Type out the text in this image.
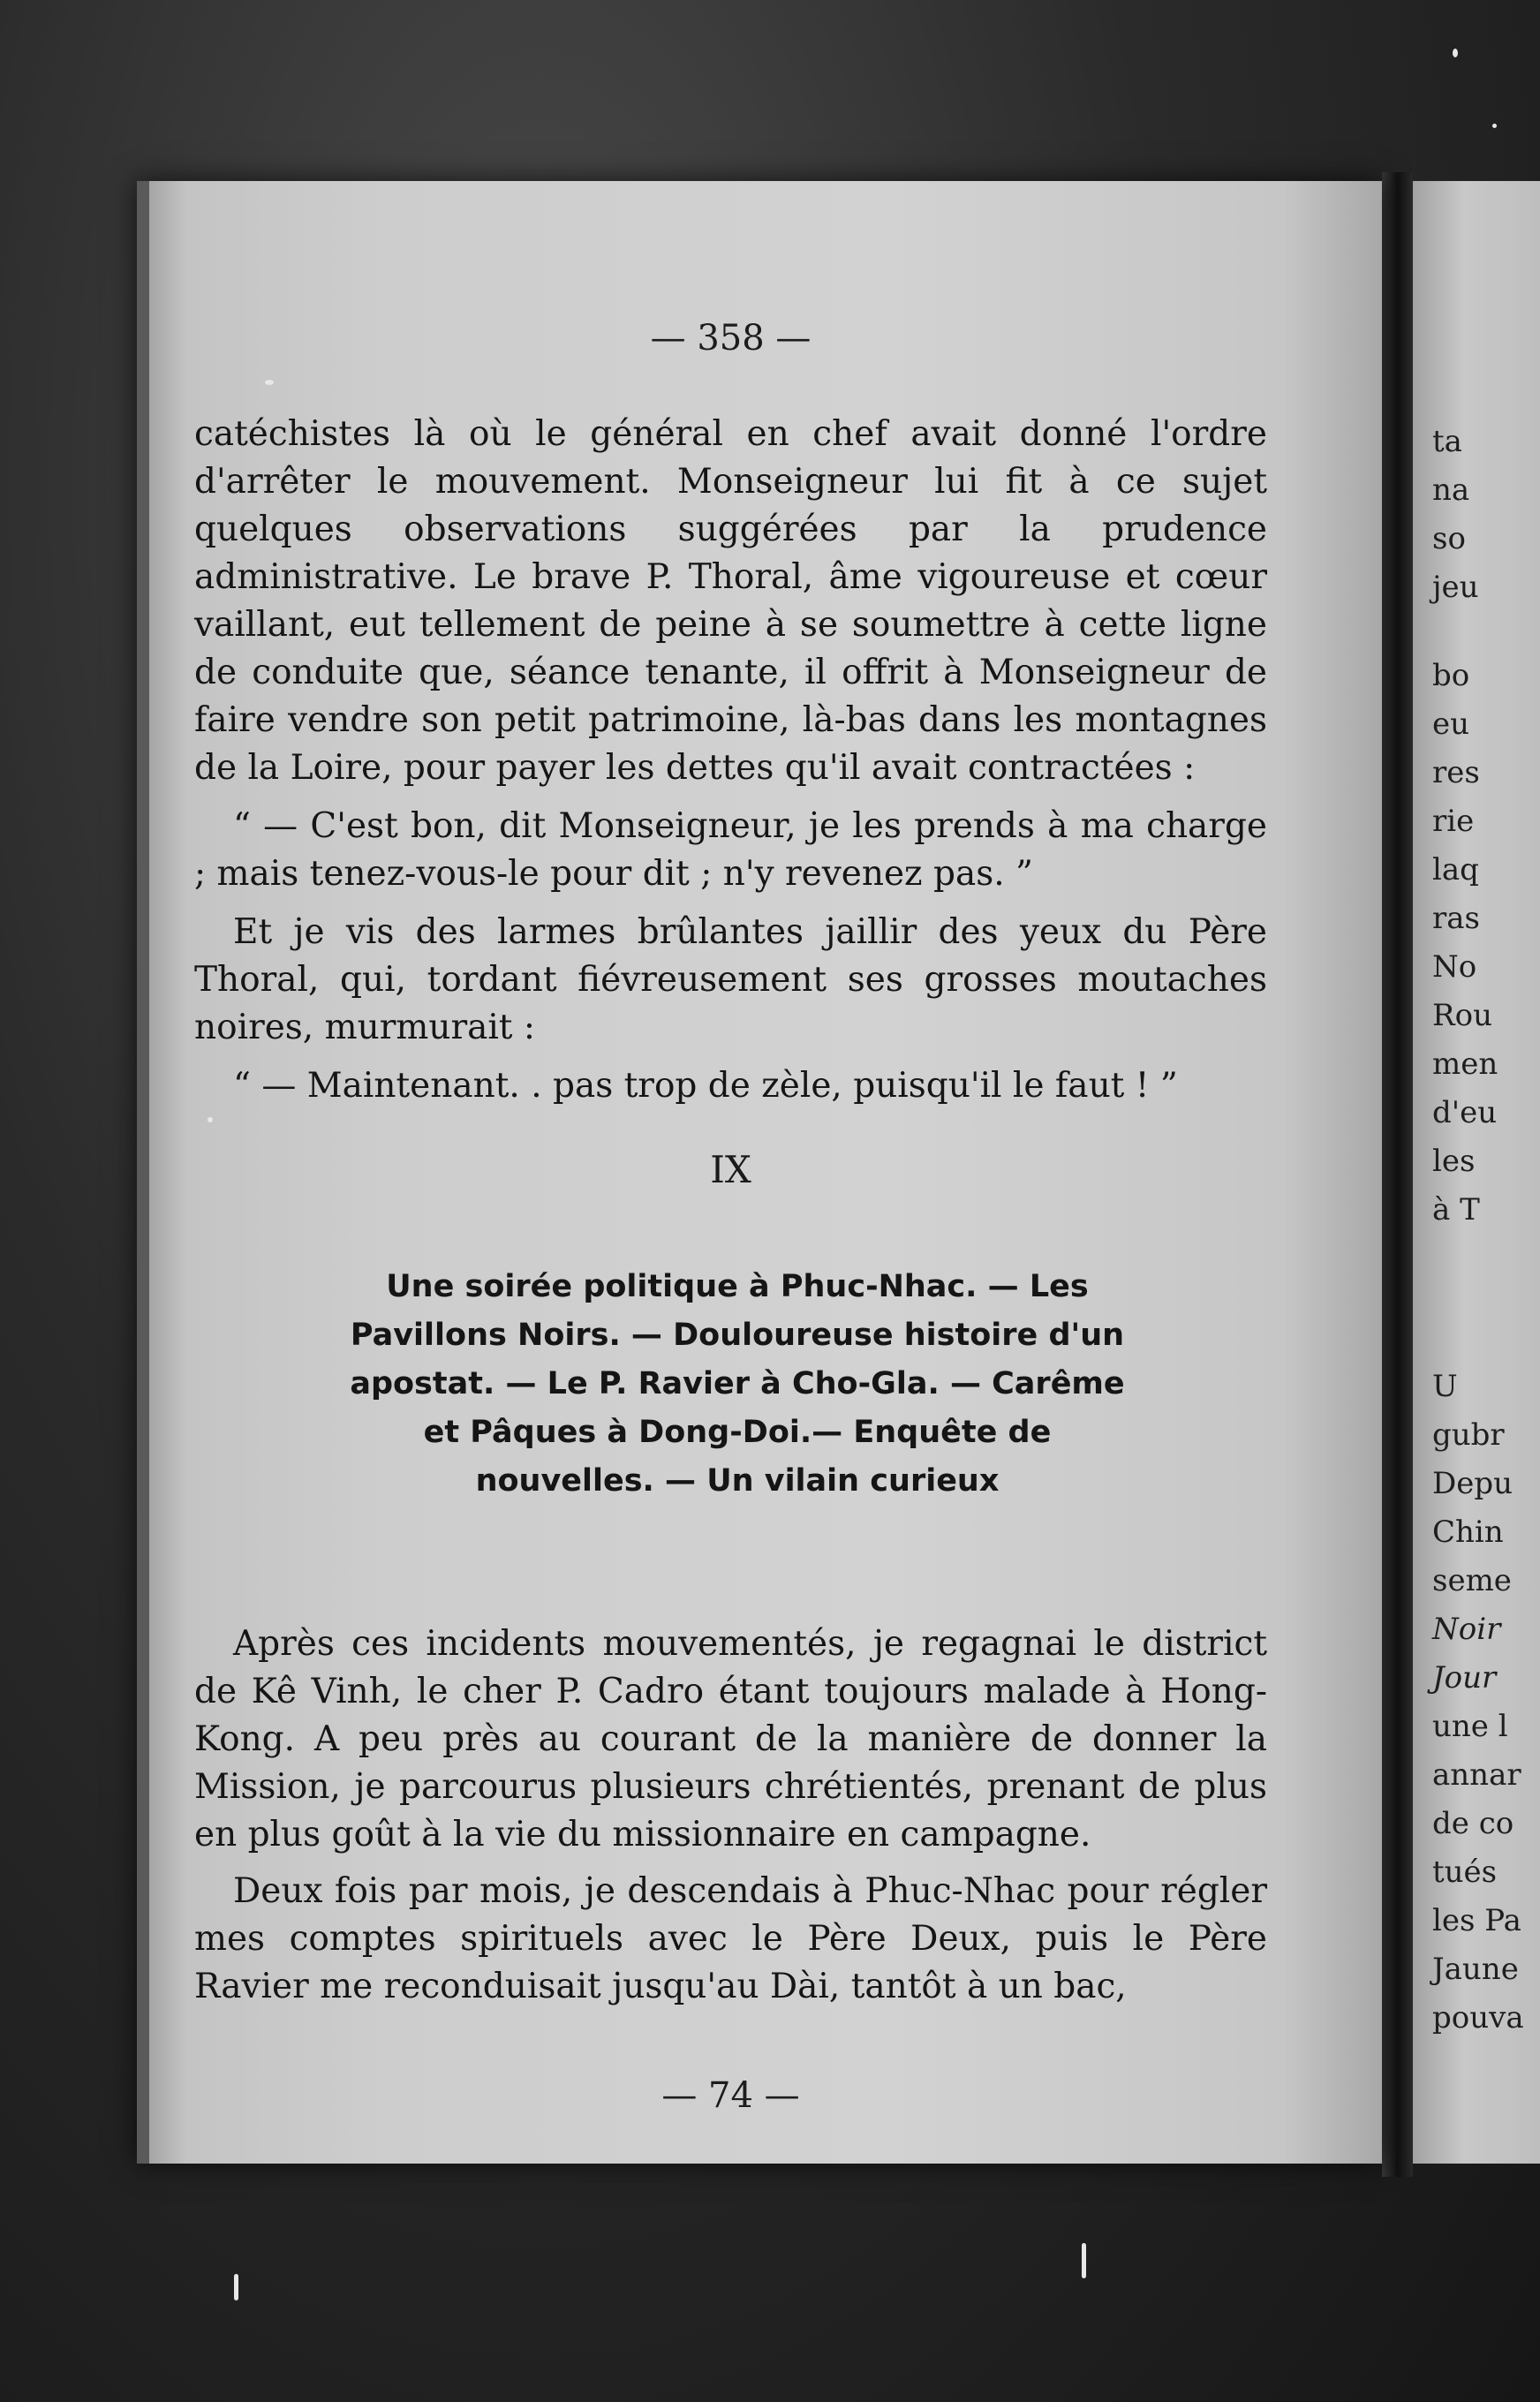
— 358 —

catéchistes là où le général en chef avait donné l'ordre d'arrêter le mouvement. Monseigneur lui fit à ce sujet quelques observations suggérées par la prudence administrative. Le brave P. Thoral, âme vigoureuse et cœur vaillant, eut tellement de peine à se soumettre à cette ligne de conduite que, séance tenante, il offrit à Monseigneur de faire vendre son petit patrimoine, là-bas dans les montagnes de la Loire, pour payer les dettes qu'il avait contractées :

“ — C'est bon, dit Monseigneur, je les prends à ma charge ; mais tenez-vous-le pour dit ; n'y revenez pas. ”

Et je vis des larmes brûlantes jaillir des yeux du Père Thoral, qui, tordant fiévreusement ses grosses moutaches noires, murmurait :

“ — Maintenant. . pas trop de zèle, puisqu'il le faut ! ”

IX
Une soirée politique à Phuc-Nhac. — Les Pavillons Noirs. — Douloureuse histoire d'un apostat. — Le P. Ravier à Cho-Gla. — Carême et Pâques à Dong-Doi.— Enquête de nouvelles. — Un vilain curieux

Après ces incidents mouvementés, je regagnai le district de Kê Vinh, le cher P. Cadro étant toujours malade à Hong-Kong. A peu près au courant de la manière de donner la Mission, je parcourus plusieurs chrétientés, prenant de plus en plus goût à la vie du missionnaire en campagne.

Deux fois par mois, je descendais à Phuc-Nhac pour régler mes comptes spirituels avec le Père Deux, puis le Père Ravier me reconduisait jusqu'au Dài, tantôt à un bac,

— 74 —
ta
na
so
jeu
bo
eu
res
rie
laq
ras
No
Rou
men
d'eu
les
à T
U
gubr
Depu
Chin
seme
Noir
Jour
une l
annar
de co
tués
les Pa
Jaune
pouva
